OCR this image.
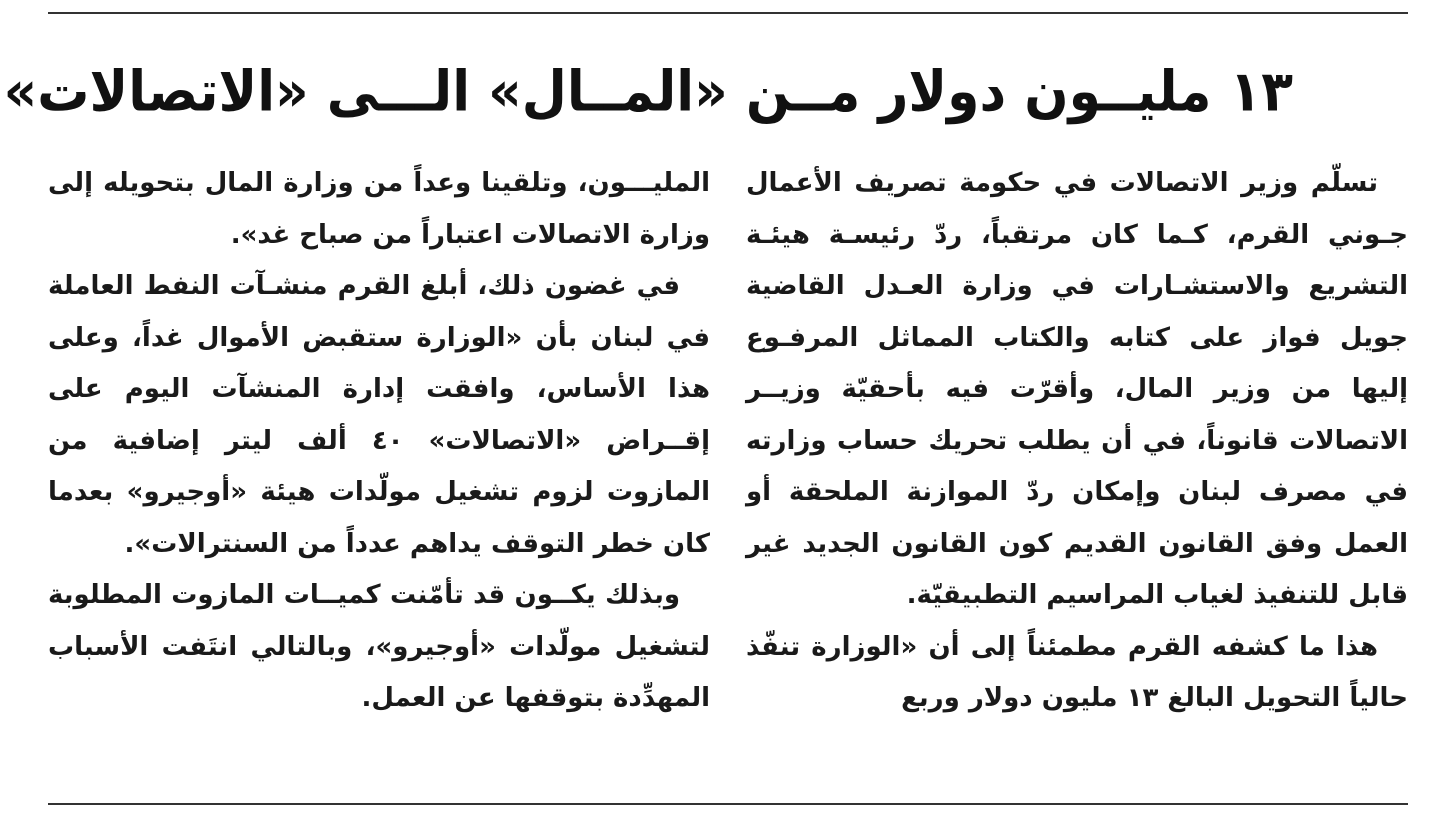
١٣ مليــون دولار مــن «المــال» الـــى «الاتصالات»

تسلّم وزير الاتصالات في حكومة تصريف الأعمال جـوني القرم، كـما كان مرتقباً، ردّ رئيسـة هيئـة التشريع والاستشـارات في وزارة العـدل القاضية جويل فواز على كتابه والكتاب المماثل المرفـوع إليها من وزير المال، وأقرّت فيه بأحقيّة وزيــر الاتصالات قانوناً، في أن يطلب تحريك حساب وزارته في مصرف لبنان وإمكان ردّ الموازنة الملحقة أو العمل وفق القانون القديم كون القانون الجديد غير قابل للتنفيذ لغياب المراسيم التطبيقيّة.

هذا ما كشفه القرم مطمئناً إلى أن «الوزارة تنفّذ حالياً التحويل البالغ ١٣ مليون دولار وربع

المليـــون، وتلقينا وعداً من وزارة المال بتحويله إلى وزارة الاتصالات اعتباراً من صباح غد».

في غضون ذلك، أبلغ القرم منشـآت النفط العاملة في لبنان بأن «الوزارة ستقبض الأموال غداً، وعلى هذا الأساس، وافقت إدارة المنشآت اليوم على إقــراض «الاتصالات» ٤٠ ألف ليتر إضافية من المازوت لزوم تشغيل مولّدات هيئة «أوجيرو» بعدما كان خطر التوقف يداهم عدداً من السنترالات».

وبذلك يكــون قد تأمّنت كميــات المازوت المطلوبة لتشغيل مولّدات «أوجيرو»، وبالتالي انتَفت الأسباب المهدِّدة بتوقفها عن العمل.
